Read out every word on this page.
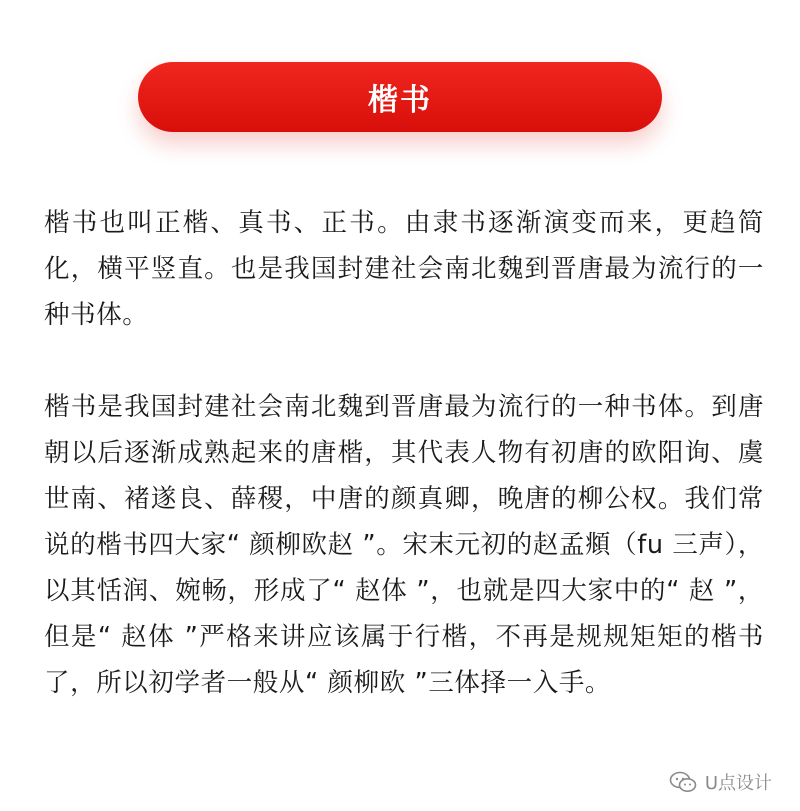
楷书

楷书也叫正楷、真书、正书。由隶书逐渐演变而来，更趋简化，横平竖直。也是我国封建社会南北魏到晋唐最为流行的一种书体。

楷书是我国封建社会南北魏到晋唐最为流行的一种书体。到唐朝以后逐渐成熟起来的唐楷，其代表人物有初唐的欧阳询、虞世南、褚遂良、薛稷，中唐的颜真卿，晚唐的柳公权。我们常说的楷书四大家“ 颜柳欧赵 ”。宋末元初的赵孟頫（fu 三声），以其恬润、婉畅，形成了“ 赵体 ”，也就是四大家中的“ 赵 ”，但是“ 赵体 ”严格来讲应该属于行楷，不再是规规矩矩的楷书了，所以初学者一般从“ 颜柳欧 ”三体择一入手。

U点设计
